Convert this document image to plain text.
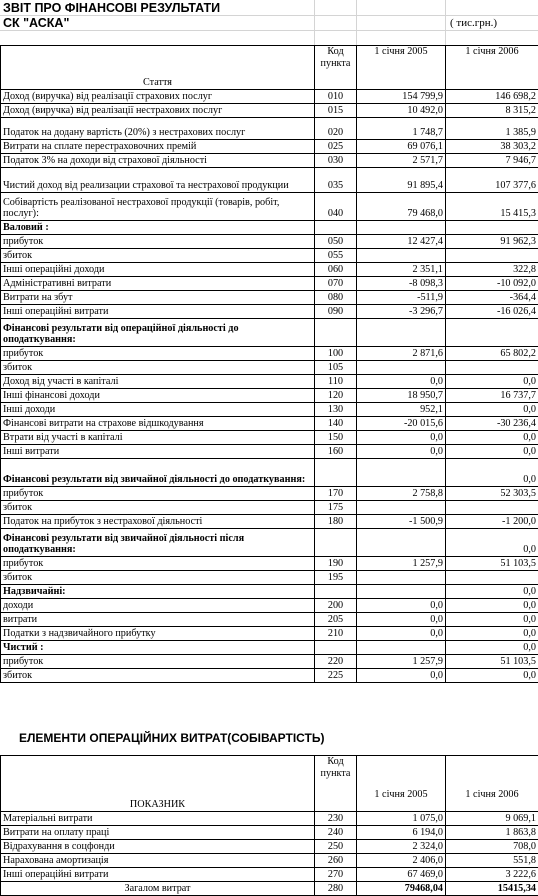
ЗВІТ ПРО ФІНАНСОВІ РЕЗУЛЬТАТИ
СК "АСКА"	( тис.грн.)
Стаття	Код пункта	1 січня 2005	1 січня 2006
Доход (виручка) від реалізації страхових послуг	010	154 799,9	146 698,2
Доход (виручка) від реалізації нестрахових послуг	015	10 492,0	8 315,2
Податок на додану вартість (20%) з нестрахових послуг	020	1 748,7	1 385,9
Витрати на сплате перестраховочних премій	025	69 076,1	38 303,2
Податок 3% на доходи від страхової діяльності	030	2 571,7	7 946,7
Чистий доход від реализации страхової та нестрахової продукции	035	91 895,4	107 377,6
Собівартість реалізованої нестрахової продукції (товарів, робіт, послуг):	040	79 468,0	15 415,3
Валовий :			
прибуток	050	12 427,4	91 962,3
збиток	055		
Інші операційні доходи	060	2 351,1	322,8
Адміністративні витрати	070	-8 098,3	-10 092,0
Витрати на збут	080	-511,9	-364,4
Інші операційні витрати	090	-3 296,7	-16 026,4
Фінансові результати від операційної діяльності до оподаткування:			
прибуток	100	2 871,6	65 802,2
збиток	105		
Доход від участі в капіталі	110	0,0	0,0
Інші фінансові доходи	120	18 950,7	16 737,7
Інші доходи	130	952,1	0,0
Фінансові витрати на страхове відшкодування	140	-20 015,6	-30 236,4
Втрати від участі в капіталі	150	0,0	0,0
Інші витрати	160	0,0	0,0
Фінансові результати від звичайної діяльності до оподаткування:			0,0
прибуток	170	2 758,8	52 303,5
збиток	175		
Податок на прибуток з нестрахової діяльності	180	-1 500,9	-1 200,0
Фінансові результати від звичайної діяльності після оподаткування:			0,0
прибуток	190	1 257,9	51 103,5
збиток	195		
Надзвичайні:			0,0
доходи	200	0,0	0,0
витрати	205	0,0	0,0
Податки з надзвичайного прибутку	210	0,0	0,0
Чистий :			0,0
прибуток	220	1 257,9	51 103,5
збиток	225	0,0	0,0
ЕЛЕМЕНТИ ОПЕРАЦІЙНИХ ВИТРАТ(СОБІВАРТІСТЬ)
ПОКАЗНИК	Код пункта	1 січня 2005	1 січня 2006
Матеріальні витрати	230	1 075,0	9 069,1
Витрати на оплату праці	240	6 194,0	1 863,8
Відрахування в соцфонди	250	2 324,0	708,0
Нарахована амортизація	260	2 406,0	551,8
Інші операційні витрати	270	67 469,0	3 222,6
Загалом витрат	280	79468,04	15415,34
